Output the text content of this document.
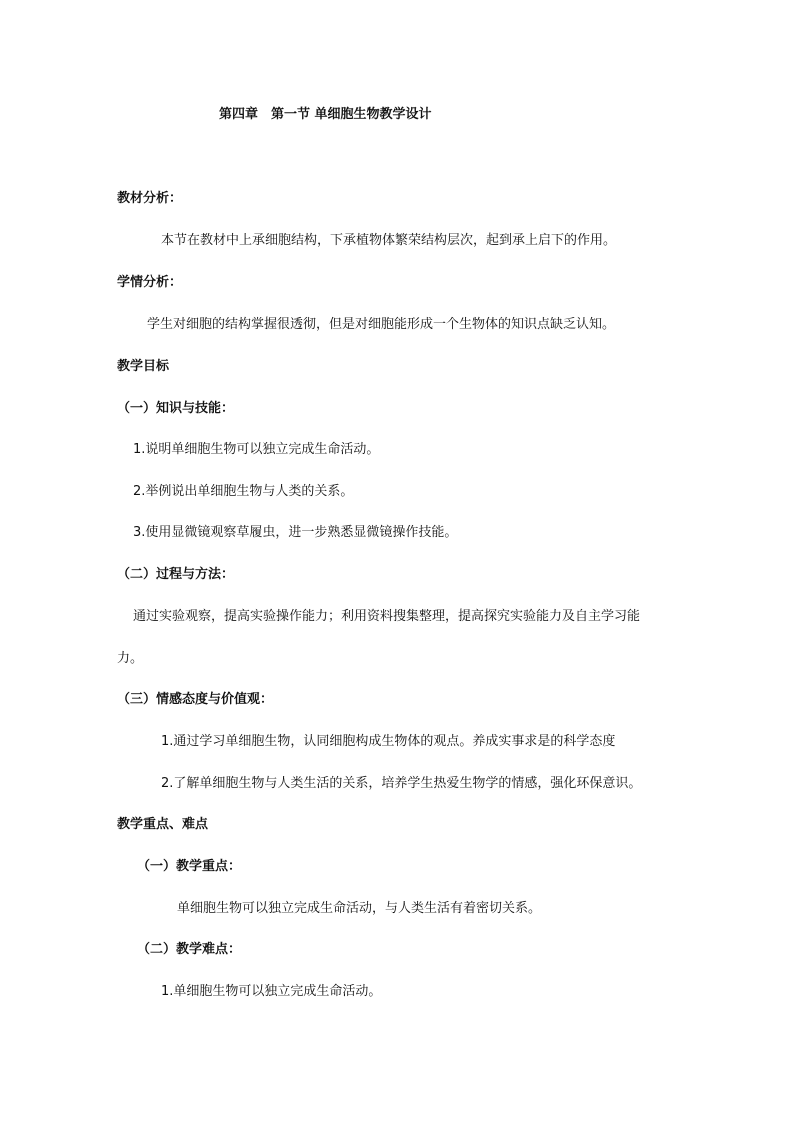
第四章　第一节 单细胞生物教学设计
教材分析：
本节在教材中上承细胞结构，下承植物体繁荣结构层次，起到承上启下的作用。
学情分析：
学生对细胞的结构掌握很透彻，但是对细胞能形成一个生物体的知识点缺乏认知。
教学目标
（一）知识与技能：
1.说明单细胞生物可以独立完成生命活动。
2.举例说出单细胞生物与人类的关系。
3.使用显微镜观察草履虫，进一步熟悉显微镜操作技能。
（二）过程与方法：
通过实验观察，提高实验操作能力；利用资料搜集整理，提高探究实验能力及自主学习能
力。
（三）情感态度与价值观：
1.通过学习单细胞生物，认同细胞构成生物体的观点。养成实事求是的科学态度
2.了解单细胞生物与人类生活的关系，培养学生热爱生物学的情感，强化环保意识。
教学重点、难点
（一）教学重点：
单细胞生物可以独立完成生命活动，与人类生活有着密切关系。
（二）教学难点：
1.单细胞生物可以独立完成生命活动。
